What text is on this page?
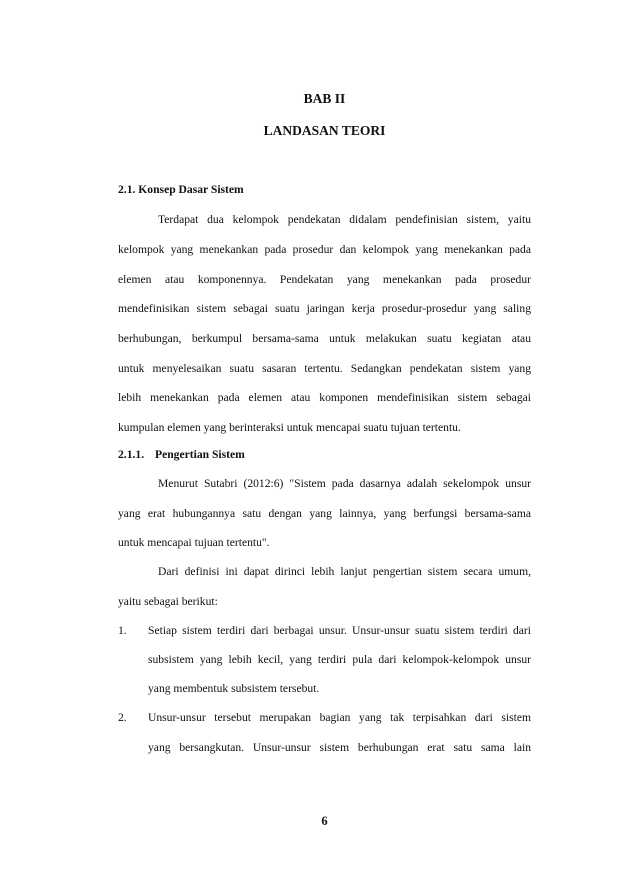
BAB II
LANDASAN TEORI
2.1. Konsep Dasar Sistem
Terdapat dua kelompok pendekatan didalam pendefinisian sistem, yaitu
kelompok yang menekankan pada prosedur dan kelompok yang menekankan pada
elemen atau komponennya. Pendekatan yang menekankan pada prosedur
mendefinisikan sistem sebagai suatu jaringan kerja prosedur-prosedur yang saling
berhubungan, berkumpul bersama-sama untuk melakukan suatu kegiatan atau
untuk menyelesaikan suatu sasaran tertentu. Sedangkan pendekatan sistem yang
lebih menekankan pada elemen atau komponen mendefinisikan sistem sebagai
kumpulan elemen yang berinteraksi untuk mencapai suatu tujuan tertentu.
2.1.1. Pengertian Sistem
Menurut Sutabri (2012:6) "Sistem pada dasarnya adalah sekelompok unsur
yang erat hubungannya satu dengan yang lainnya, yang berfungsi bersama-sama
untuk mencapai tujuan tertentu".
Dari definisi ini dapat dirinci lebih lanjut pengertian sistem secara umum,
yaitu sebagai berikut:
1. Setiap sistem terdiri dari berbagai unsur. Unsur-unsur suatu sistem terdiri dari
subsistem yang lebih kecil, yang terdiri pula dari kelompok-kelompok unsur
yang membentuk subsistem tersebut.
2. Unsur-unsur tersebut merupakan bagian yang tak terpisahkan dari sistem
yang bersangkutan. Unsur-unsur sistem berhubungan erat satu sama lain
6
